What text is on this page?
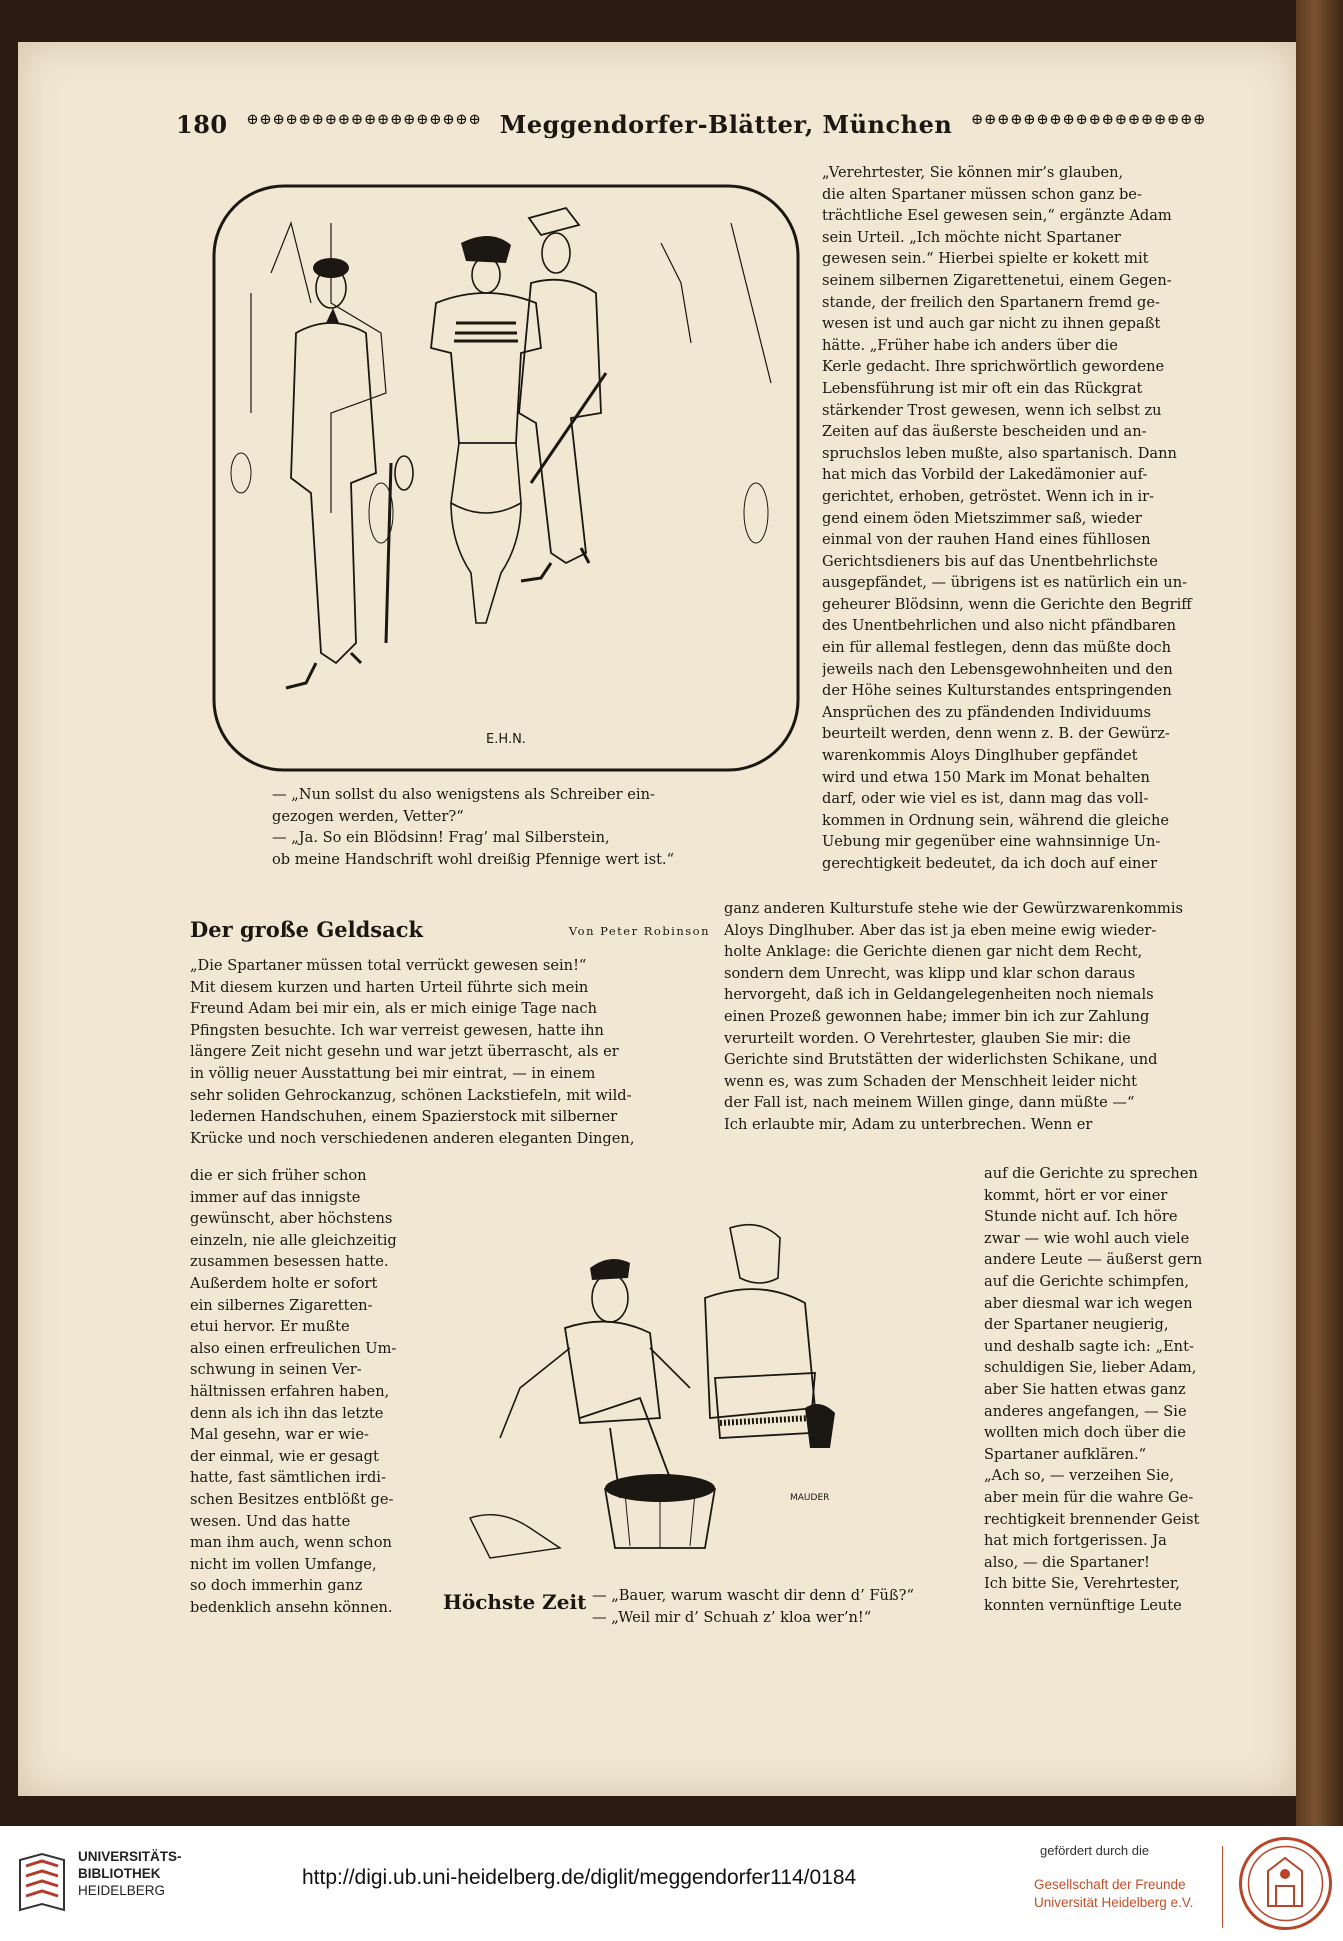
180 ⊕⊕⊕⊕⊕⊕⊕⊕⊕⊕⊕⊕⊕⊕⊕⊕⊕⊕ Meggendorfer-Blätter, München ⊕⊕⊕⊕⊕⊕⊕⊕⊕⊕⊕⊕⊕⊕⊕⊕⊕⊕
E.H.N.
— „Nun sollst du also wenigstens als Schreiber ein-
gezogen werden, Vetter?“
— „Ja. So ein Blödsinn! Frag’ mal Silberstein,
ob meine Handschrift wohl dreißig Pfennige wert ist.“
„Verehrtester, Sie können mir’s glauben,
die alten Spartaner müssen schon ganz be-
trächtliche Esel gewesen sein,“ ergänzte Adam
sein Urteil. „Ich möchte nicht Spartaner
gewesen sein.“ Hierbei spielte er kokett mit
seinem silbernen Zigarettenetui, einem Gegen-
stande, der freilich den Spartanern fremd ge-
wesen ist und auch gar nicht zu ihnen gepaßt
hätte. „Früher habe ich anders über die
Kerle gedacht. Ihre sprichwörtlich gewordene
Lebensführung ist mir oft ein das Rückgrat
stärkender Trost gewesen, wenn ich selbst zu
Zeiten auf das äußerste bescheiden und an-
spruchslos leben mußte, also spartanisch. Dann
hat mich das Vorbild der Lakedämonier auf-
gerichtet, erhoben, getröstet. Wenn ich in ir-
gend einem öden Mietszimmer saß, wieder
einmal von der rauhen Hand eines fühllosen
Gerichtsdieners bis auf das Unentbehrlichste
ausgepfändet, — übrigens ist es natürlich ein un-
geheurer Blödsinn, wenn die Gerichte den Begriff
des Unentbehrlichen und also nicht pfändbaren
ein für allemal festlegen, denn das müßte doch
jeweils nach den Lebensgewohnheiten und den
der Höhe seines Kulturstandes entspringenden
Ansprüchen des zu pfändenden Individuums
beurteilt werden, denn wenn z. B. der Gewürz-
warenkommis Aloys Dinglhuber gepfändet
wird und etwa 150 Mark im Monat behalten
darf, oder wie viel es ist, dann mag das voll-
kommen in Ordnung sein, während die gleiche
Uebung mir gegenüber eine wahnsinnige Un-
gerechtigkeit bedeutet, da ich doch auf einer
Der große Geldsack	Von Peter Robinson
ganz anderen Kulturstufe stehe wie der Gewürzwarenkommis
Aloys Dinglhuber. Aber das ist ja eben meine ewig wieder-
holte Anklage: die Gerichte dienen gar nicht dem Recht,
sondern dem Unrecht, was klipp und klar schon daraus
hervorgeht, daß ich in Geldangelegenheiten noch niemals
einen Prozeß gewonnen habe; immer bin ich zur Zahlung
verurteilt worden. O Verehrtester, glauben Sie mir: die
Gerichte sind Brutstätten der widerlichsten Schikane, und
wenn es, was zum Schaden der Menschheit leider nicht
der Fall ist, nach meinem Willen ginge, dann müßte —“
Ich erlaubte mir, Adam zu unterbrechen. Wenn er
„Die Spartaner müssen total verrückt gewesen sein!“
Mit diesem kurzen und harten Urteil führte sich mein
Freund Adam bei mir ein, als er mich einige Tage nach
Pfingsten besuchte. Ich war verreist gewesen, hatte ihn
längere Zeit nicht gesehn und war jetzt überrascht, als er
in völlig neuer Ausstattung bei mir eintrat, — in einem
sehr soliden Gehrockanzug, schönen Lackstiefeln, mit wild-
ledernen Handschuhen, einem Spazierstock mit silberner
Krücke und noch verschiedenen anderen eleganten Dingen,
die er sich früher schon
immer auf das innigste
gewünscht, aber höchstens
einzeln, nie alle gleichzeitig
zusammen besessen hatte.
Außerdem holte er sofort
ein silbernes Zigaretten-
etui hervor. Er mußte
also einen erfreulichen Um-
schwung in seinen Ver-
hältnissen erfahren haben,
denn als ich ihn das letzte
Mal gesehn, war er wie-
der einmal, wie er gesagt
hatte, fast sämtlichen irdi-
schen Besitzes entblößt ge-
wesen. Und das hatte
man ihm auch, wenn schon
nicht im vollen Umfange,
so doch immerhin ganz
bedenklich ansehn können.
auf die Gerichte zu sprechen
kommt, hört er vor einer
Stunde nicht auf. Ich höre
zwar — wie wohl auch viele
andere Leute — äußerst gern
auf die Gerichte schimpfen,
aber diesmal war ich wegen
der Spartaner neugierig,
und deshalb sagte ich: „Ent-
schuldigen Sie, lieber Adam,
aber Sie hatten etwas ganz
anderes angefangen, — Sie
wollten mich doch über die
Spartaner aufklären.“
„Ach so, — verzeihen Sie,
aber mein für die wahre Ge-
rechtigkeit brennender Geist
hat mich fortgerissen. Ja
also, — die Spartaner!
Ich bitte Sie, Verehrtester,
konnten vernünftige Leute
MAUDER
Höchste Zeit — „Bauer, warum wascht dir denn d’ Füß?“
— „Weil mir d’ Schuah z’ kloa wer’n!“
UNIVERSITÄTS-
BIBLIOTHEK
HEIDELBERG
http://digi.ub.uni-heidelberg.de/diglit/meggendorfer114/0184
gefördert durch die
Gesellschaft der Freunde
Universität Heidelberg e.V.
